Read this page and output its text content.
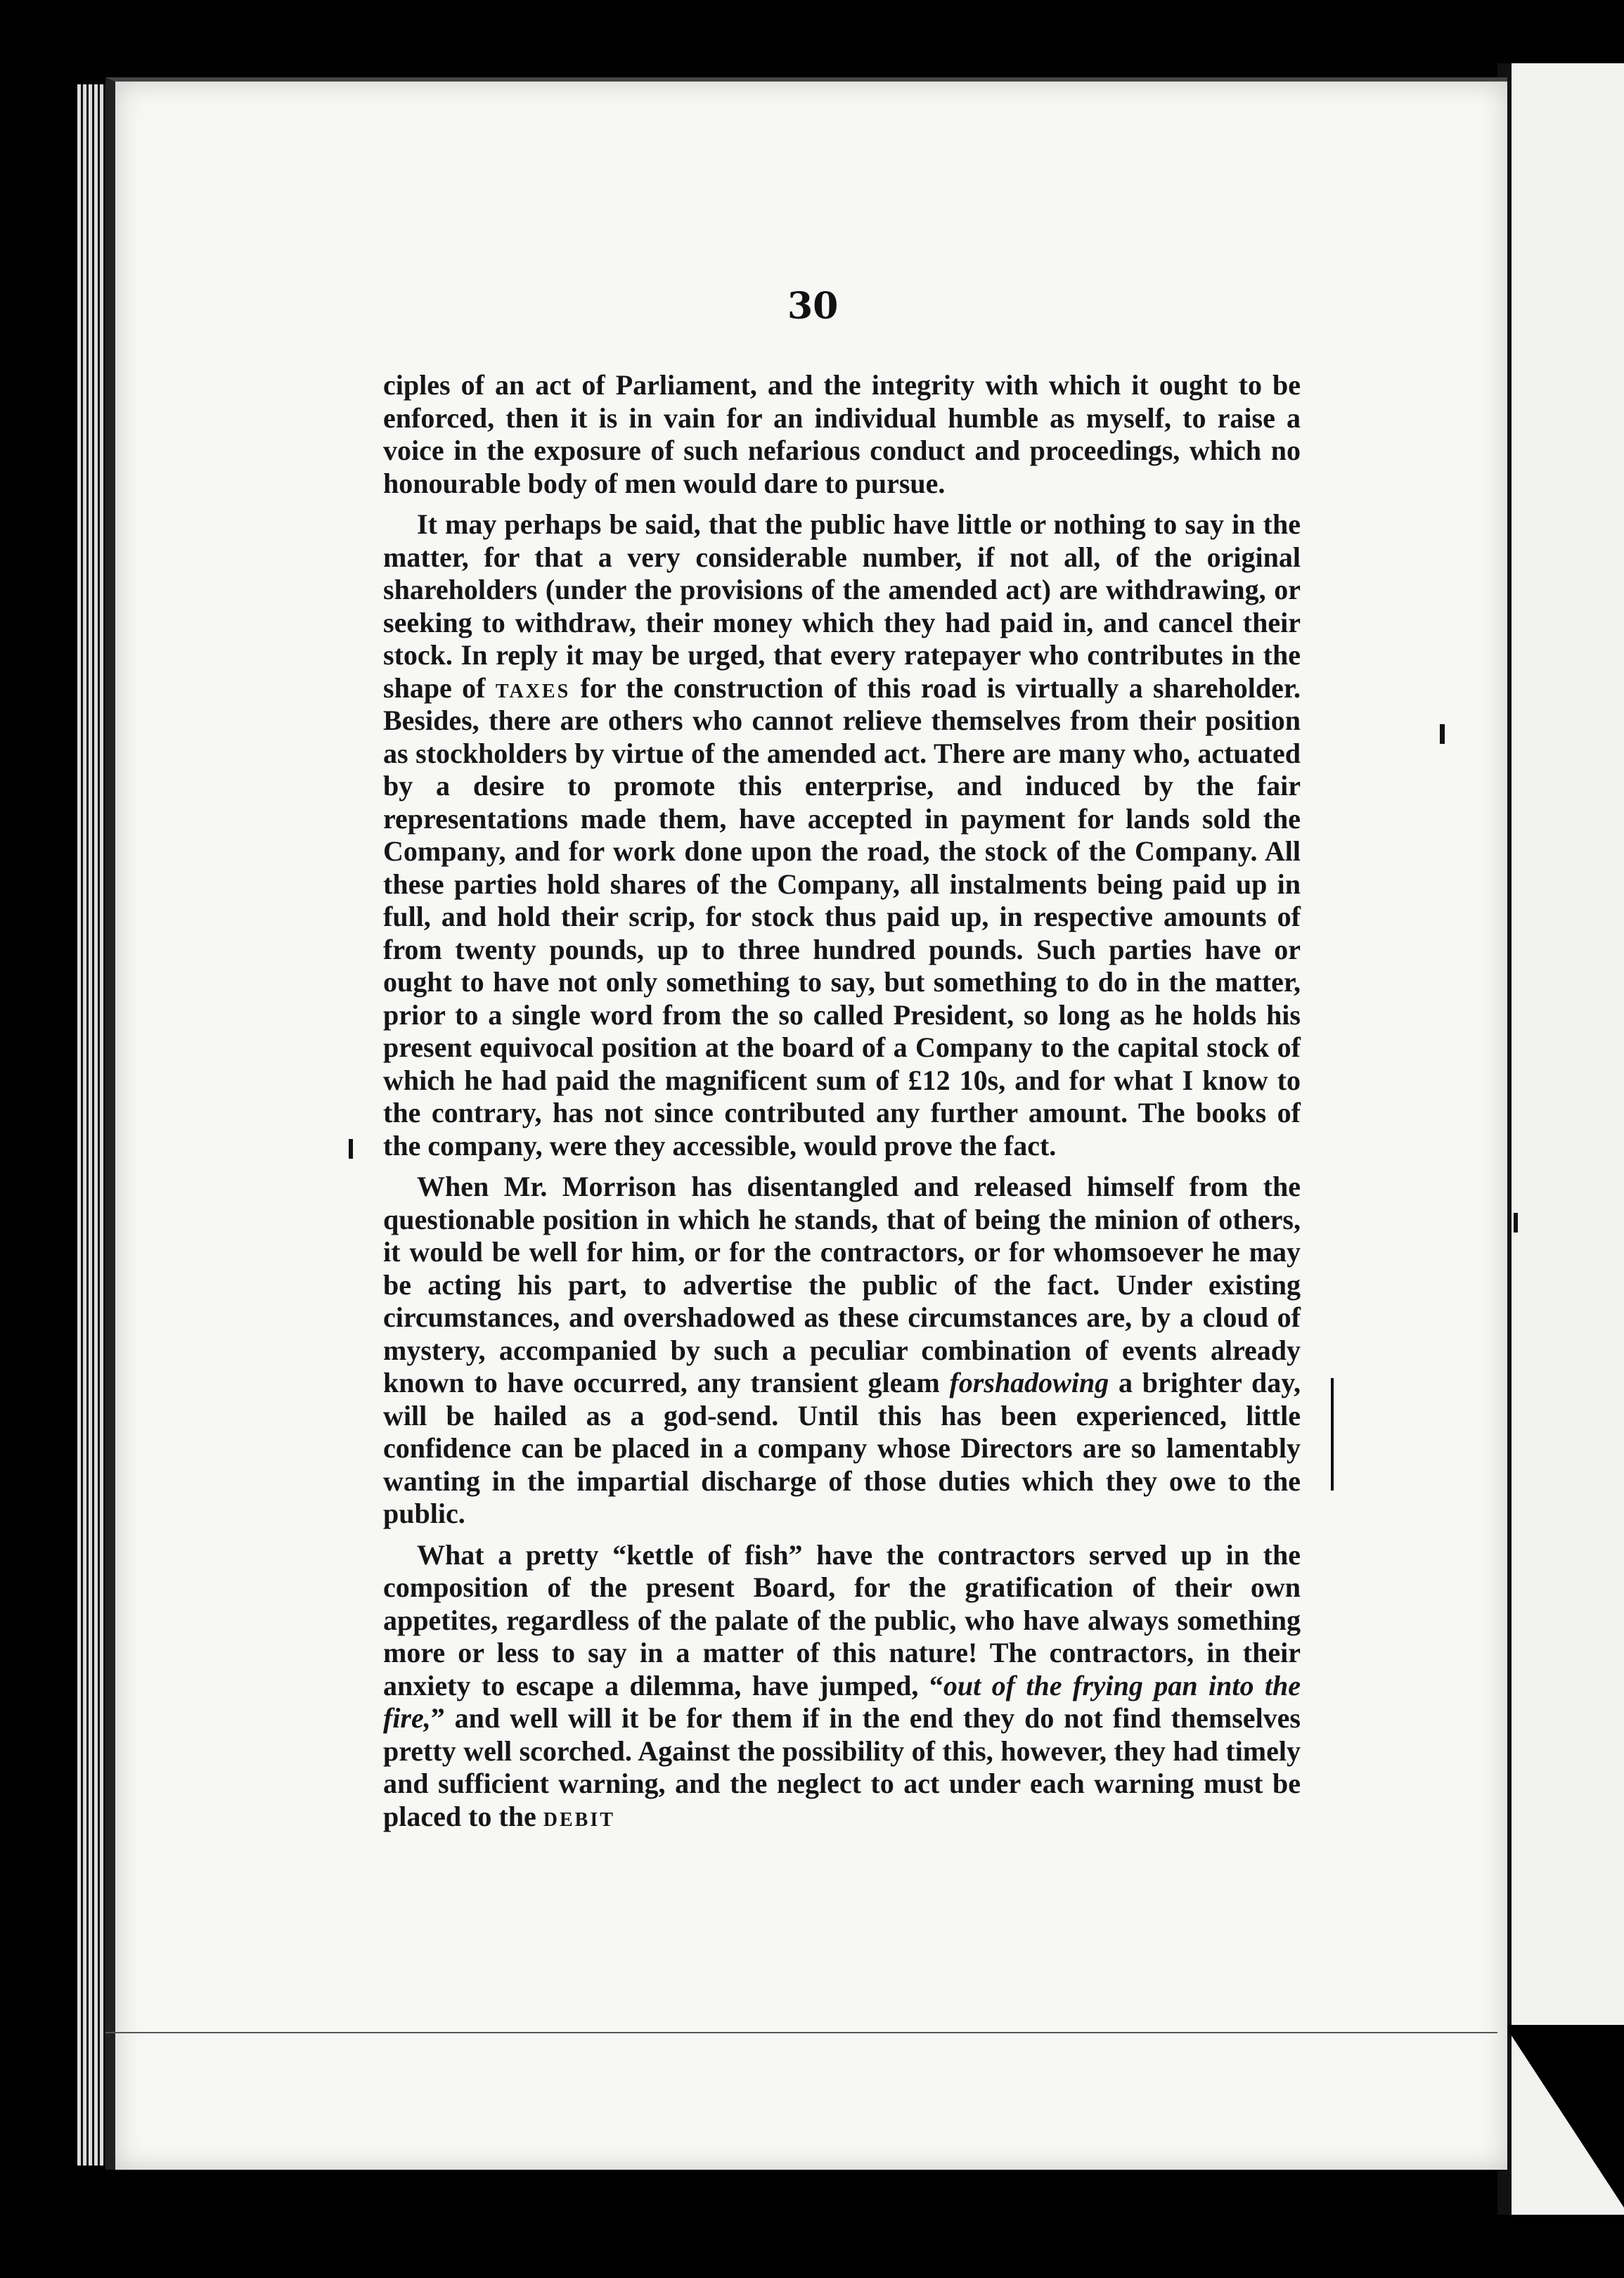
30

ciples of an act of Parliament, and the integrity with which it ought to be enforced, then it is in vain for an individual humble as myself, to raise a voice in the exposure of such nefarious conduct and proceedings, which no honourable body of men would dare to pursue.

It may perhaps be said, that the public have little or nothing to say in the matter, for that a very considerable number, if not all, of the original shareholders (under the provisions of the amended act) are withdrawing, or seeking to withdraw, their money which they had paid in, and cancel their stock. In reply it may be urged, that every ratepayer who contributes in the shape of taxes for the construction of this road is virtually a shareholder. Besides, there are others who cannot relieve themselves from their position as stockholders by virtue of the amended act. There are many who, actuated by a desire to promote this enterprise, and induced by the fair representations made them, have accepted in payment for lands sold the Company, and for work done upon the road, the stock of the Company. All these parties hold shares of the Company, all instalments being paid up in full, and hold their scrip, for stock thus paid up, in respective amounts of from twenty pounds, up to three hundred pounds. Such parties have or ought to have not only something to say, but something to do in the matter, prior to a single word from the so called President, so long as he holds his present equivocal position at the board of a Company to the capital stock of which he had paid the magnificent sum of £12 10s, and for what I know to the contrary, has not since contributed any further amount. The books of the company, were they accessible, would prove the fact.

When Mr. Morrison has disentangled and released himself from the questionable position in which he stands, that of being the minion of others, it would be well for him, or for the contractors, or for whomsoever he may be acting his part, to advertise the public of the fact. Under existing circumstances, and overshadowed as these circumstances are, by a cloud of mystery, accompanied by such a peculiar combination of events already known to have occurred, any transient gleam forshadowing a brighter day, will be hailed as a god-send. Until this has been experienced, little confidence can be placed in a company whose Directors are so lamentably wanting in the impartial discharge of those duties which they owe to the public.

What a pretty “kettle of fish” have the contractors served up in the composition of the present Board, for the gratification of their own appetites, regardless of the palate of the public, who have always something more or less to say in a matter of this nature! The contractors, in their anxiety to escape a dilemma, have jumped, “out of the frying pan into the fire,” and well will it be for them if in the end they do not find themselves pretty well scorched. Against the possibility of this, however, they had timely and sufficient warning, and the neglect to act under each warning must be placed to the debit
